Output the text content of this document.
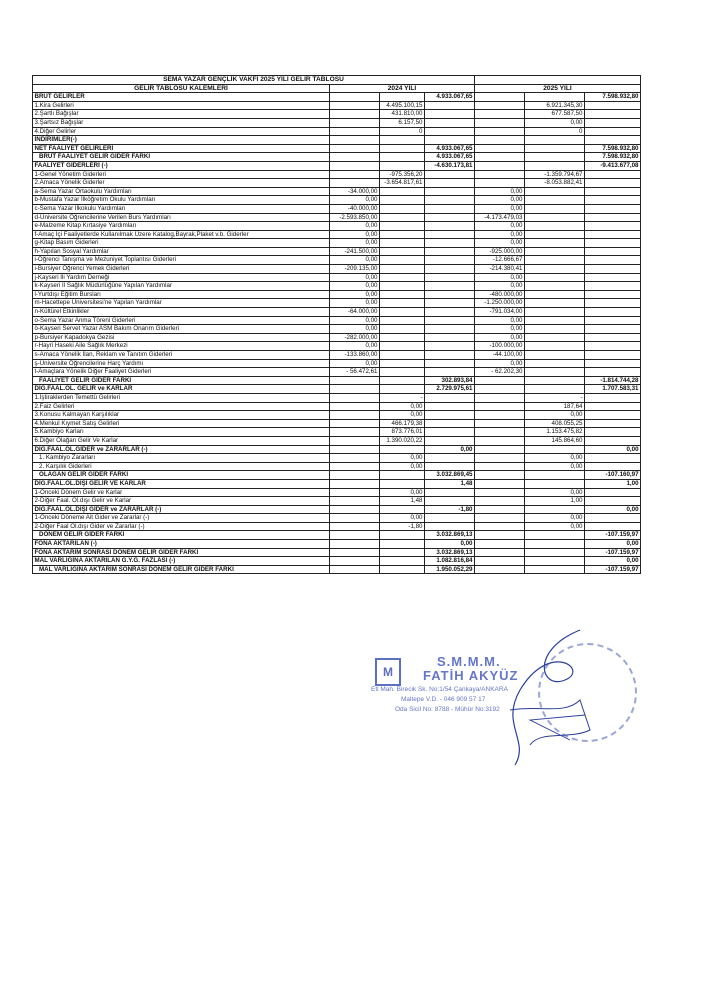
SEMA YAZAR GENÇLİK VAKFI 2025 YILI GELİR TABLOSU						
GELİR TABLOSU KALEMLERİ	2024 YILI			2025 YILI		
BRÜT GELİRLER			4.933.067,65			7.598.932,80
1.Kira Gelirleri		4.495.100,15			6.921.345,30	
2.Şartlı Bağışlar		431.810,00			677.587,50	
3.Şartsız Bağışlar		6.157,50			0,00	
4.Diğer Gelirler		0			0	
İNDİRİMLER(-)						
NET FAALİYET GELİRLERİ			4.933.067,65			7.598.932,80
BRÜT FAALİYET GELİR GİDER FARKI			4.933.067,65			7.598.932,80
FAALİYET GİDERLERİ (-)			-4.630.173,81			-9.413.677,08
1-Genel Yönetim Giderleri		-975.356,20			-1.359.794,67	
2.Amaca Yönelik Giderler		-3.654.817,61			-8.053.882,41	
a-Sema Yazar Ortaokulu Yardımları	-34.000,00			0,00		
b-Mustafa Yazar İlköğretim Okulu Yardımları	0,00			0,00		
c-Sema Yazar İlkokulu Yardımları	-40.000,00			0,00		
d-Üniversite Öğrencilerine Verilen Burs Yardımları	-2.593.850,00			-4.173.479,03		
e-Malzeme Kitap Kırtasiye Yardımları	0,00			0,00		
f-Amaç İçi Faaliyetlerde Kullanılmak Üzere Katalog,Bayrak,Plaket v.b. Giderler	0,00			0,00		
g-Kitap Basım Giderleri	0,00			0,00		
h-Yapılan Sosyal Yardımlar	-241.500,00			-925.000,00		
i-Öğrenci Tanışma ve Mezuniyet Toplantısı Giderleri	0,00			-12.666,67		
i-Bursiyer Öğrenci Yemek Giderleri	-209.135,00			-214.380,41		
j-Kayseri İli Yardım Derneği	0,00			0,00		
k-Kayseri İl Sağlık Müdürlüğüne Yapılan Yardımlar	0,00			0,00		
l-Yurtdışı Eğitim Bursları	0,00			-480.000,00		
m-Hacettepe Üniversitesi'ne Yapılan Yardımlar	0,00			-1.250.000,00		
n-Kültürel Etkinlikler	-64.000,00			-791.034,00		
o-Sema Yazar Anma Töreni Giderleri	0,00			0,00		
ö-Kayseri Servet Yazar ASM Bakım Onarım Giderleri	0,00			0,00		
p-Bursiyer Kapadokya Gezisi	-282.000,00			0,00		
r-Hayri Haseki Aile Sağlık Merkezi	0,00			-100.000,00		
s-Amaca Yönelik İlan, Reklam ve Tanıtım Giderleri	-133.860,00			-44.100,00		
ş-Üniversite Öğrencilerine Harç Yardımı	0,00			0,00		
t-Amaçlara Yönelik Diğer Faaliyet Giderleri	- 56.472,61			- 62.202,30		
FAALİYET GELİR GİDER FARKI			302.893,84			-1.814.744,28
DİĞ.FAAL.OL. GELİR ve KARLAR			2.729.975,61			1.707.583,31
1.İştiraklerden Temettü Gelirleri		-			-	
2.Faiz Gelirleri		0,00			187,64	
3.Konusu Kalmayan Karşılıklar		0,00			0,00	
4.Menkul Kıymet Satış Gelirleri		466.179,38			408.055,25	
5.Kambiyo Karları		873.776,01			1.153.475,82	
6.Diğer Olağan Gelir Ve Karlar		1.390.020,22			145.864,60	
DİĞ.FAAL.OL.GİDER ve ZARARLAR (-)			0,00			0,00
1. Kambiyo Zararları		0,00			0,00	
2. Karşılık Giderleri		0,00			0,00	
OLAĞAN GELİR GİDER FARKI			3.032.869,45			-107.160,97
DİĞ.FAAL.OL.DIŞI GELİR VE KARLAR			1,48			1,00
1-Önceki Dönem Gelir ve Karlar		0,00			0,00	
2-Diğer Faal. Ol.dışı Gelir ve Karlar		1,48			1,00	
DİĞ.FAAL.OL.DIŞI GİDER ve ZARARLAR (-)			-1,80			0,00
1-Önceki Döneme Ait Gider ve Zararlar (-)		0,00			0,00	
2-Diğer Faal Ol.dışı Gider ve Zararlar (-)		-1,80			0,00	
DÖNEM GELİR GİDER FARKI			3.032.869,13			-107.159,97
FONA AKTARILAN (-)			0,00			0,00
FONA AKTARIM SONRASI DÖNEM GELİR GİDER FARKI			3.032.869,13			-107.159,97
MAL VARLIĞINA AKTARILAN G.Y.G. FAZLASI (-)			1.082.816,84			0,00
MAL VARLIĞINA AKTARIM SONRASI DÖNEM GELİR GİDER FARKI			1.950.052,29			-107.159,97
M
S.M.M.M.
FATİH AKYÜZ
Etl Mah. Birecik Sk. No:1/54 Çankaya/ANKARA
Maltepe V.D. - 046 909 57 17
Oda Sicil No: 8788 - Mühür No:3192
